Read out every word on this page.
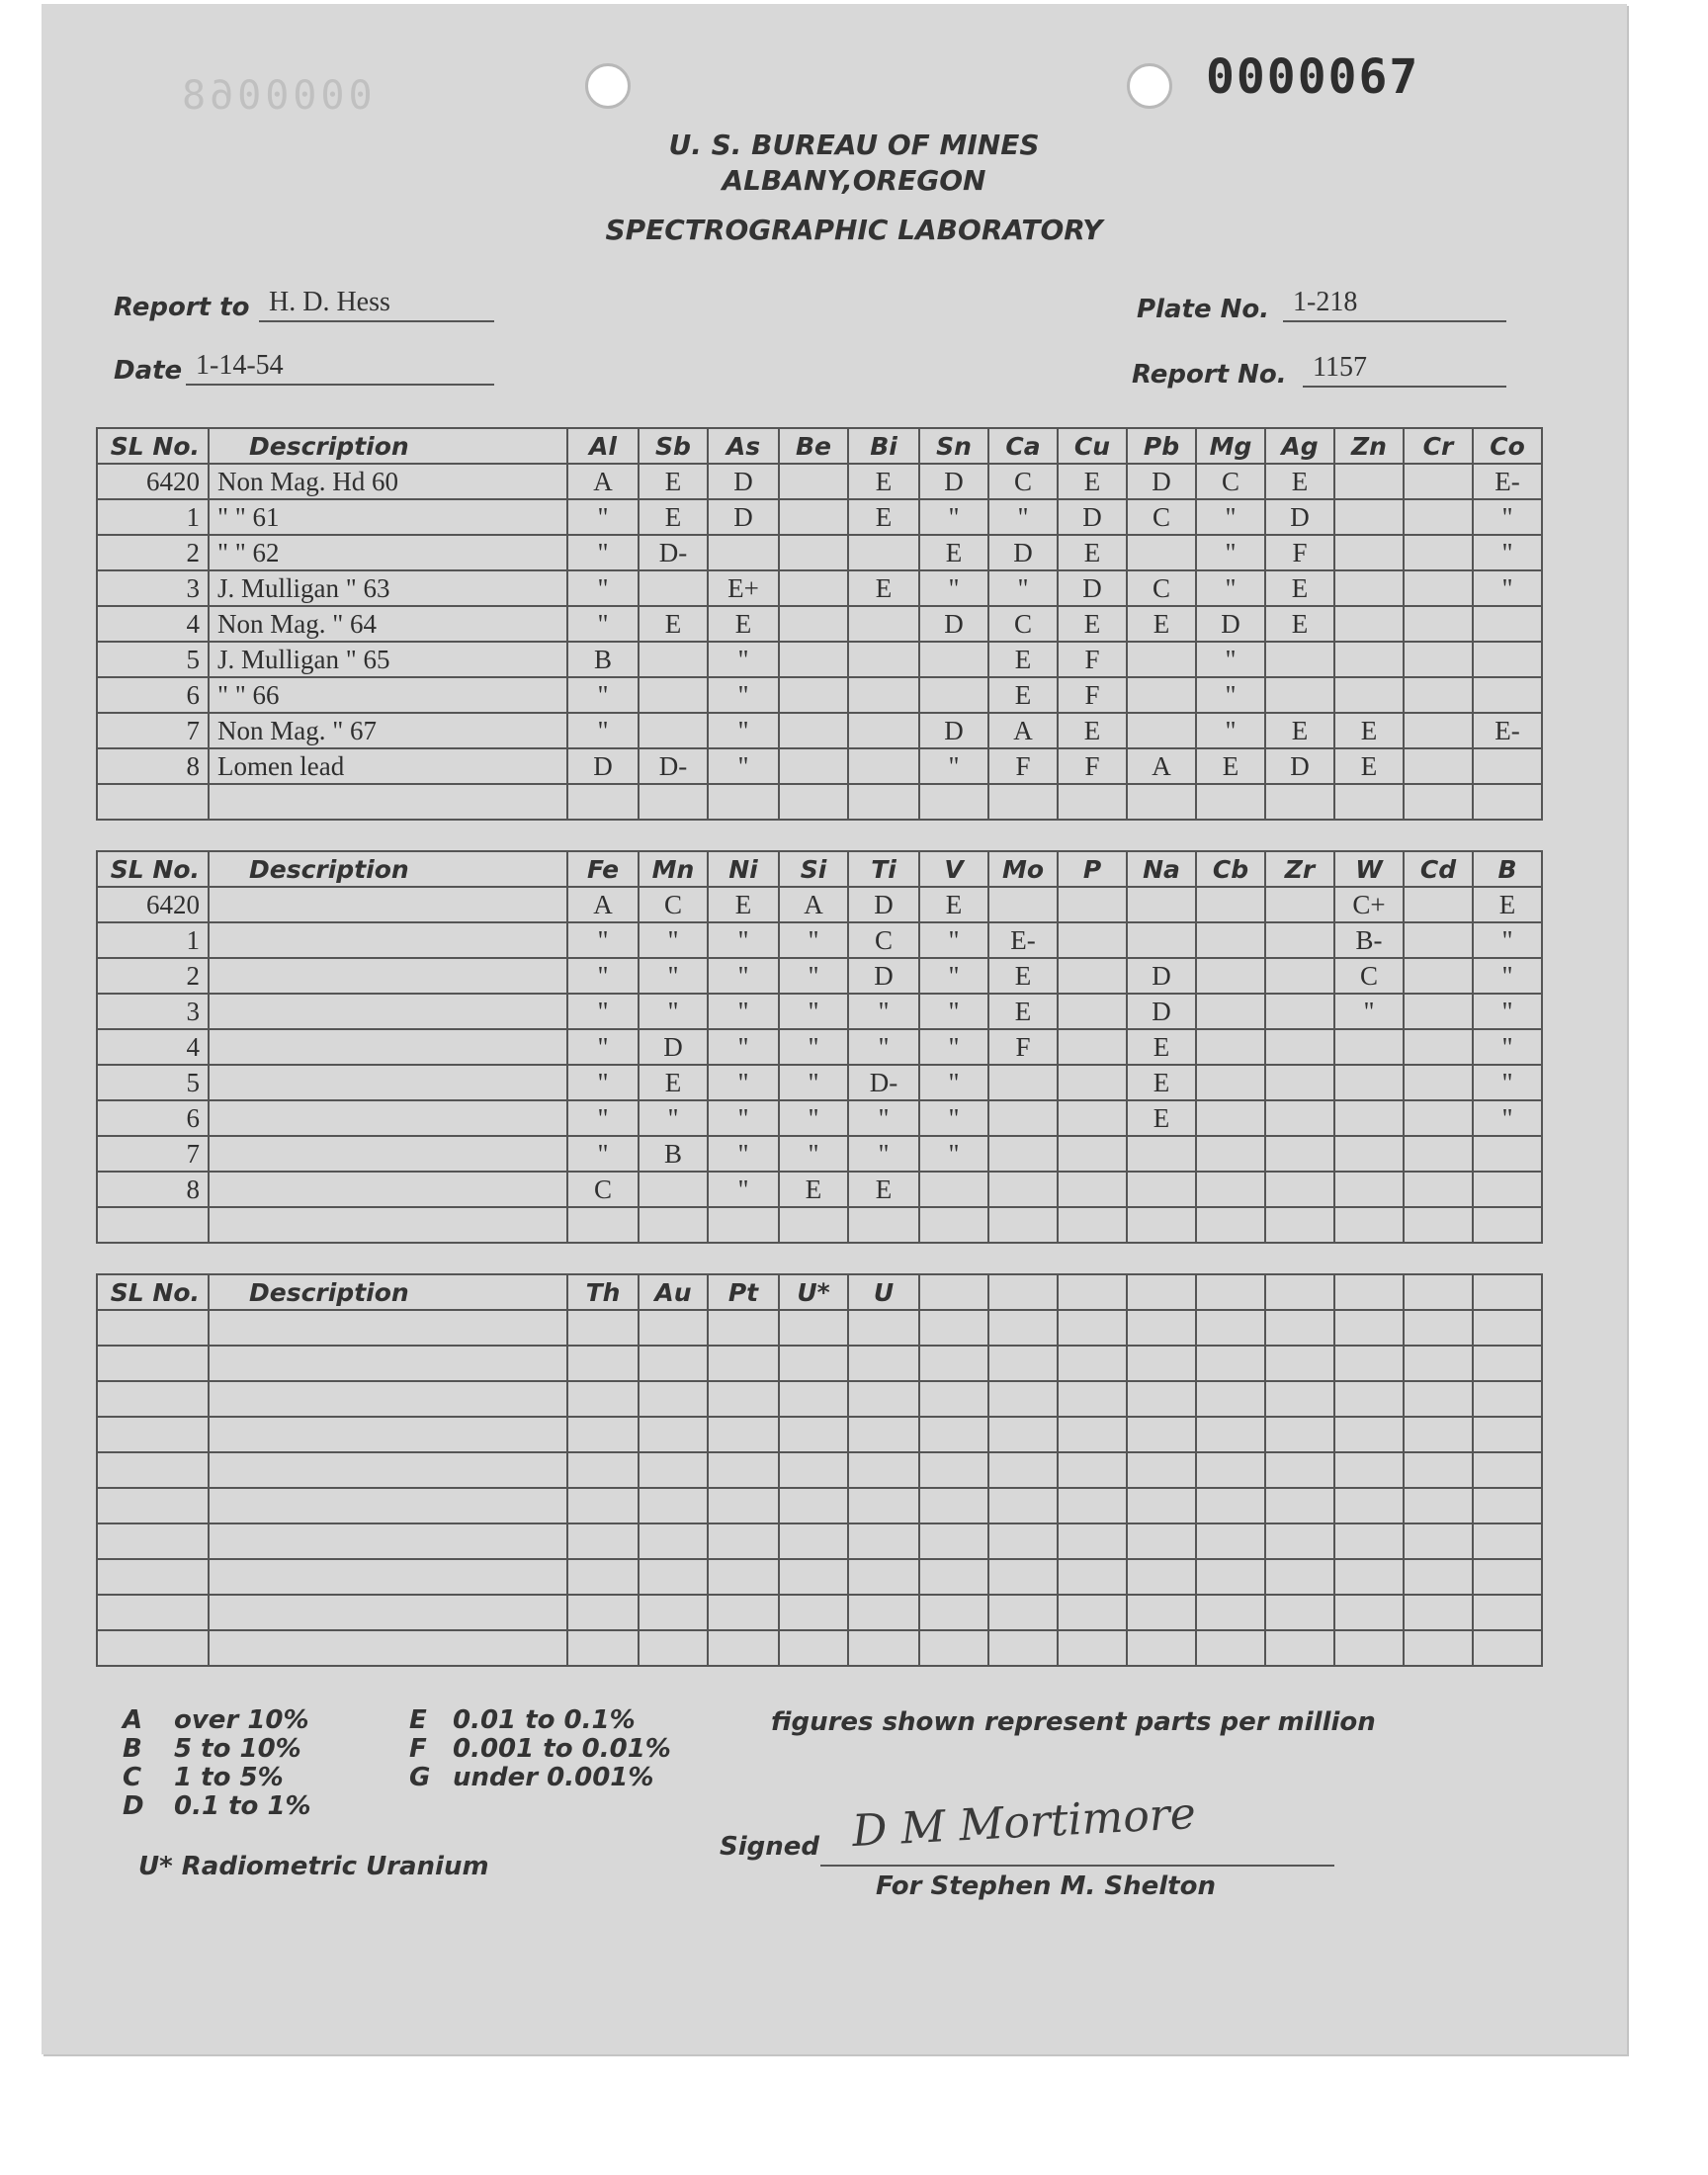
0000068	0000067
U. S. BUREAU OF MINES
ALBANY,OREGON
SPECTROGRAPHIC LABORATORY
Report to H. D. Hess
Date 1-14-54
Plate No. 1-218
Report No. 1157
SL No.	Description	Al	Sb	As	Be	Bi	Sn	Ca	Cu	Pb	Mg	Ag	Zn	Cr	Co
6420	Non Mag. Hd 60	A	E	D		E	D	C	E	D	C	E			E-
1	" " 61	"	E	D		E	"	"	D	C	"	D			"
2	" " 62	"	D-				E	D	E		"	F			"
3	J. Mulligan " 63	"		E+		E	"	"	D	C	"	E			"
4	Non Mag. " 64	"	E	E			D	C	E	E	D	E			
5	J. Mulligan " 65	B		"				E	F		"				
6	" " 66	"		"				E	F		"				
7	Non Mag. " 67	"		"			D	A	E		"	E	E		E-
8	Lomen lead	D	D-	"			"	F	F	A	E	D	E		

SL No.	Description	Fe	Mn	Ni	Si	Ti	V	Mo	P	Na	Cb	Zr	W	Cd	B
6420		A	C	E	A	D	E						C+		E
1		"	"	"	"	C	"	E-					B-		"
2		"	"	"	"	D	"	E		D			C		"
3		"	"	"	"	"	"	E		D			"		"
4		"	D	"	"	"	"	F		E					"
5		"	E	"	"	D-	"			E					"
6		"	"	"	"	"	"			E					"
7		"	B	"	"	"	"								
8		C		"	E	E									

SL No.	Description	Th	Au	Pt	U*	U									

A over 10%
B 5 to 10%
C 1 to 5%
D 0.1 to 1%
E 0.01 to 0.1%
F 0.001 to 0.01%
G under 0.001%
figures shown represent parts per million
U* Radiometric Uranium
Signed D M Mortimore
For Stephen M. Shelton
